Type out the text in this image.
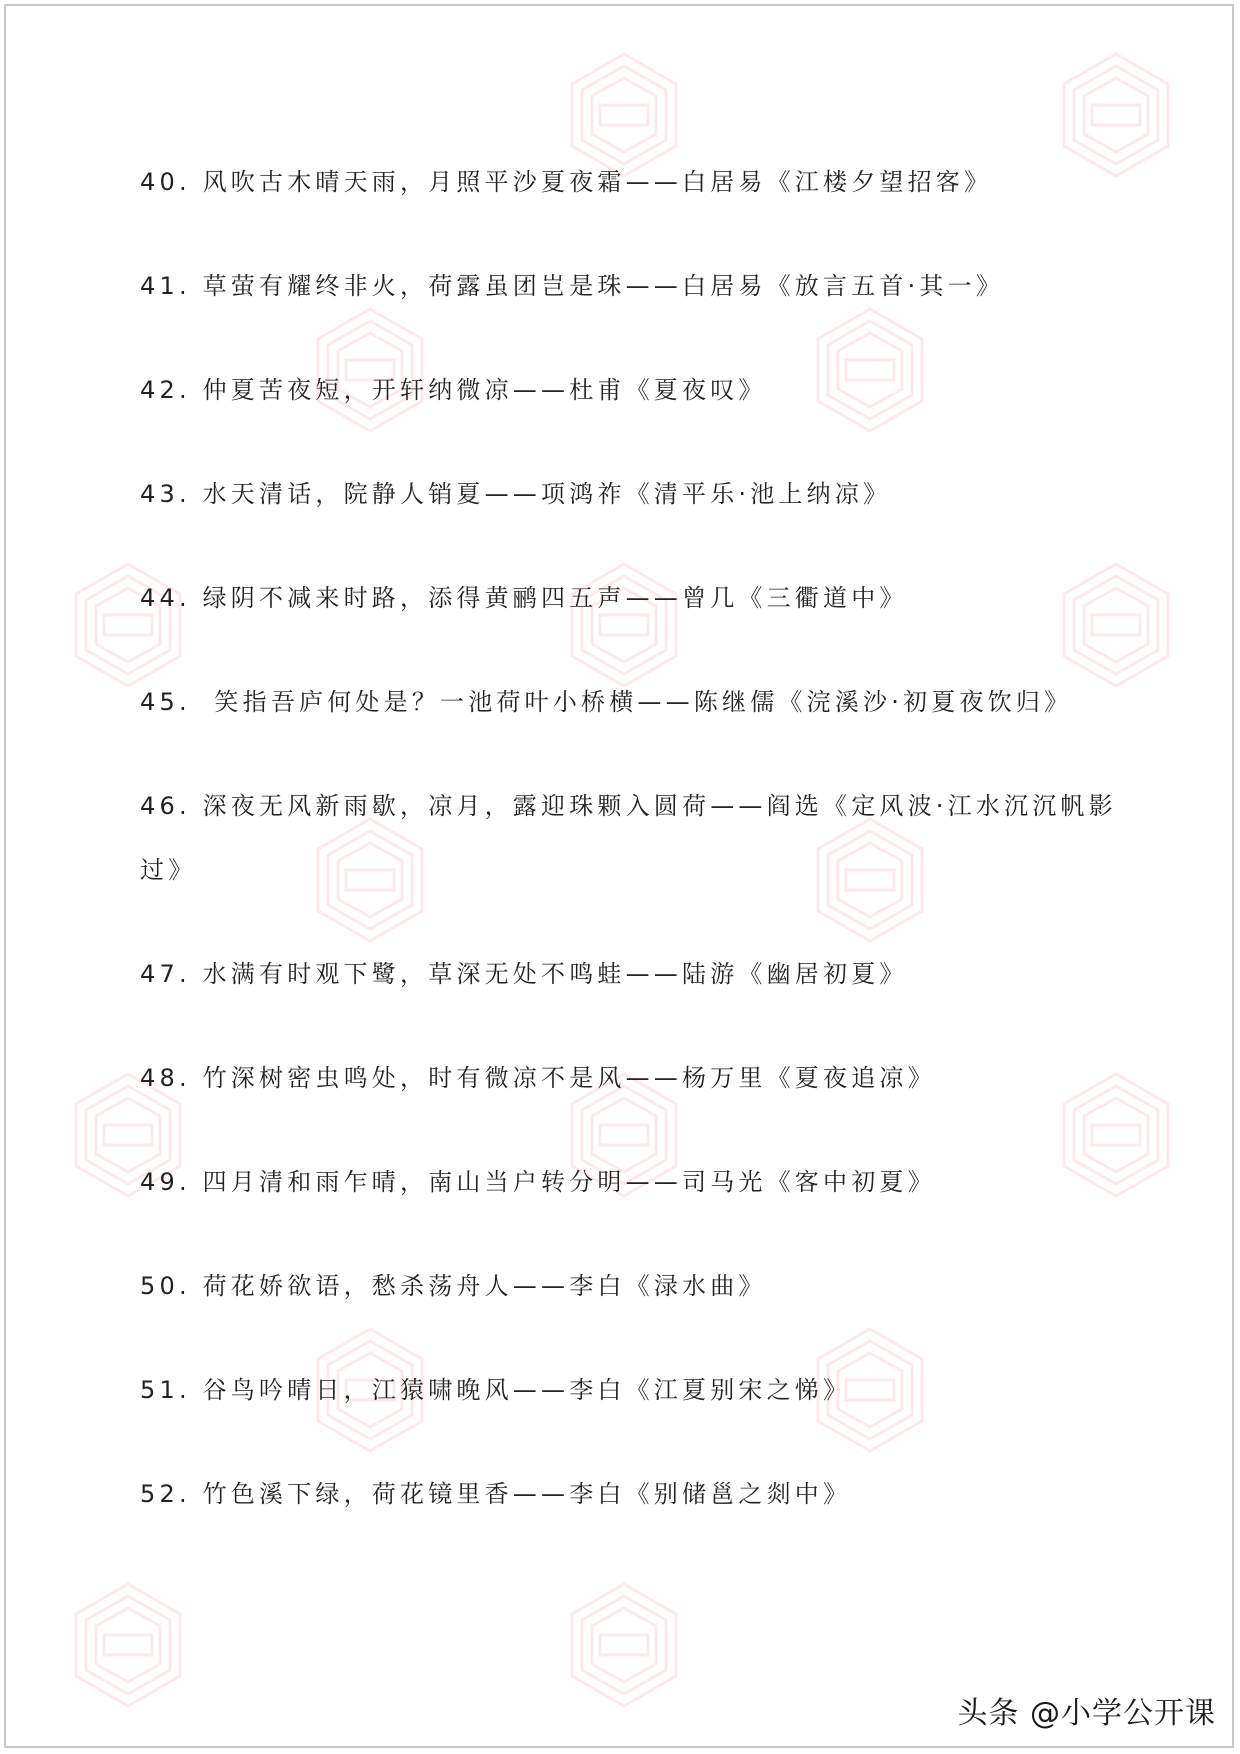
40. 风吹古木晴天雨，月照平沙夏夜霜——白居易《江楼夕望招客》
41. 草萤有耀终非火，荷露虽团岂是珠——白居易《放言五首·其一》
42. 仲夏苦夜短，开轩纳微凉——杜甫《夏夜叹》
43. 水天清话，院静人销夏——项鸿祚《清平乐·池上纳凉》
44. 绿阴不减来时路，添得黄鹂四五声——曾几《三衢道中》
45.  笑指吾庐何处是？一池荷叶小桥横——陈继儒《浣溪沙·初夏夜饮归》
46. 深夜无风新雨歇，凉月，露迎珠颗入圆荷——阎选《定风波·江水沉沉帆影过》
47. 水满有时观下鹭，草深无处不鸣蛙——陆游《幽居初夏》
48. 竹深树密虫鸣处，时有微凉不是风——杨万里《夏夜追凉》
49. 四月清和雨乍晴，南山当户转分明——司马光《客中初夏》
50. 荷花娇欲语，愁杀荡舟人——李白《渌水曲》
51. 谷鸟吟晴日，江猿啸晚风——李白《江夏别宋之悌》
52. 竹色溪下绿，荷花镜里香——李白《别储邕之剡中》
头条 @小学公开课
